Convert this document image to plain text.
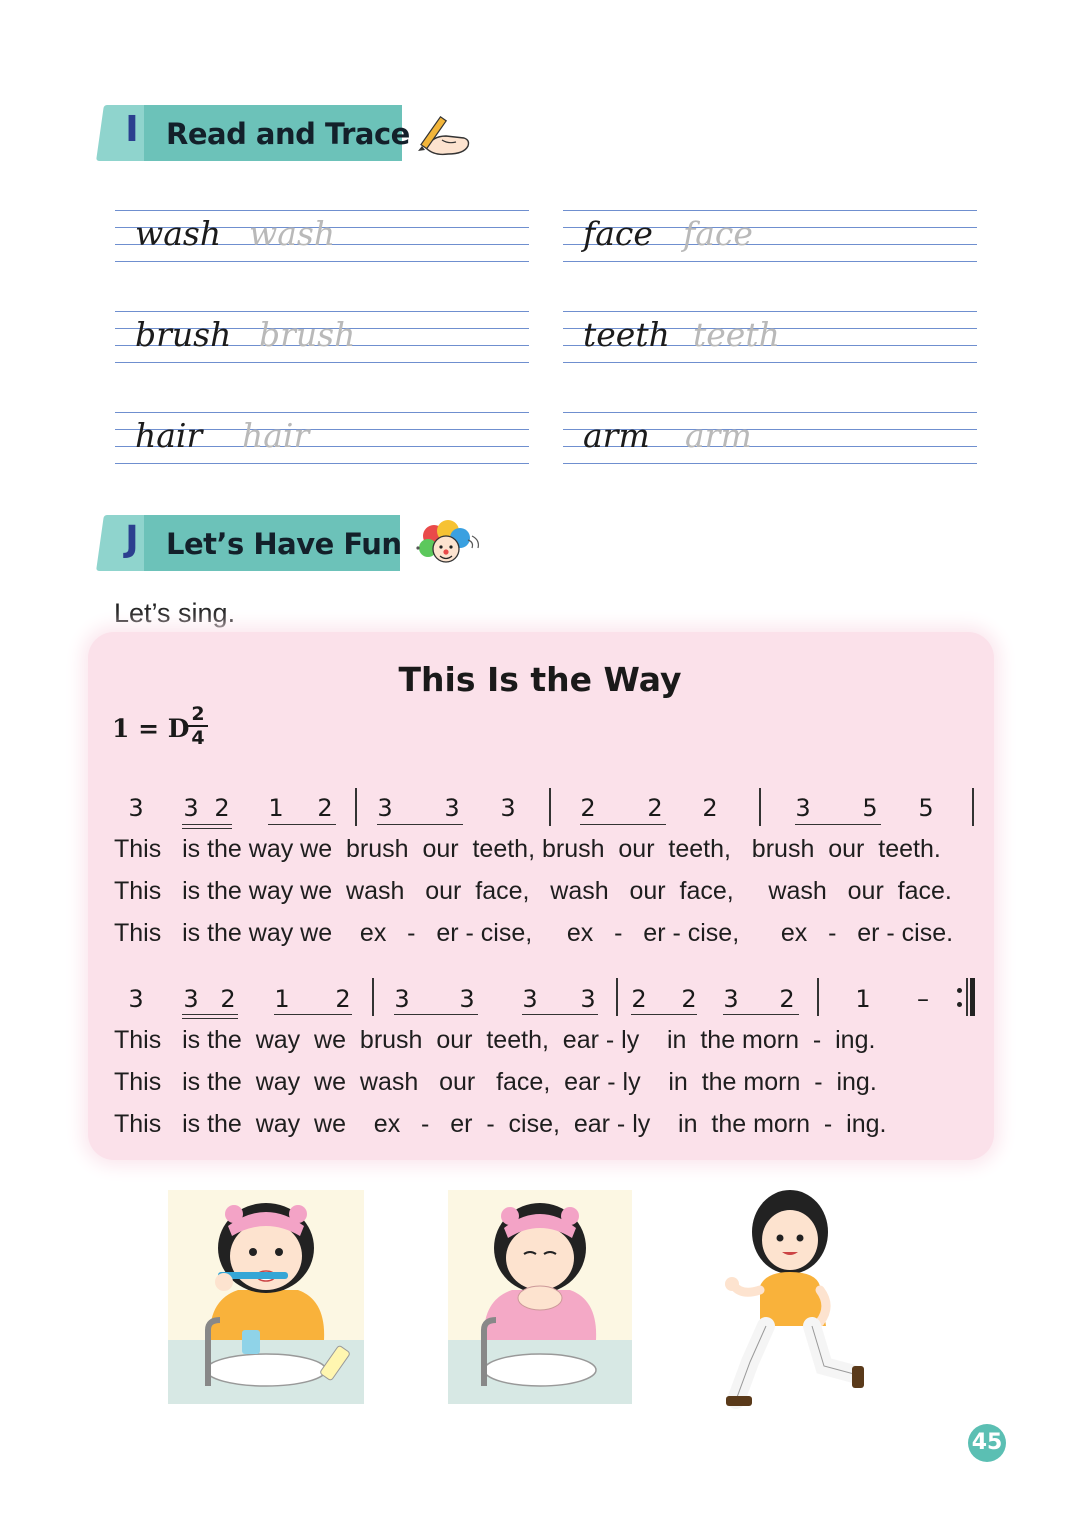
I Read and Trace
wash wash	face face
brush brush	teeth teeth
hair hair	arm arm
J Let’s Have Fun
Let’s sing.
This Is the Way
1 = D 2
4
3 3 2 1 2 3 3 3	2 2 2	3 5 5
This   is the way we  brush  our  teeth, brush  our  teeth,   brush  our  teeth.
This   is the way we  wash   our  face,   wash   our  face,     wash   our  face.
This   is the way we    ex   -   er - cise,     ex   -   er - cise,      ex   -   er - cise.
3 3 2 1 2 3 3 3 3 2 2 3 2	1 –
This   is the  way  we  brush  our  teeth,  ear - ly    in  the morn  -  ing.
This   is the  way  we  wash   our   face,  ear - ly    in  the morn  -  ing.
This   is the  way  we    ex   -   er  -  cise,  ear - ly    in  the morn  -  ing.
45
